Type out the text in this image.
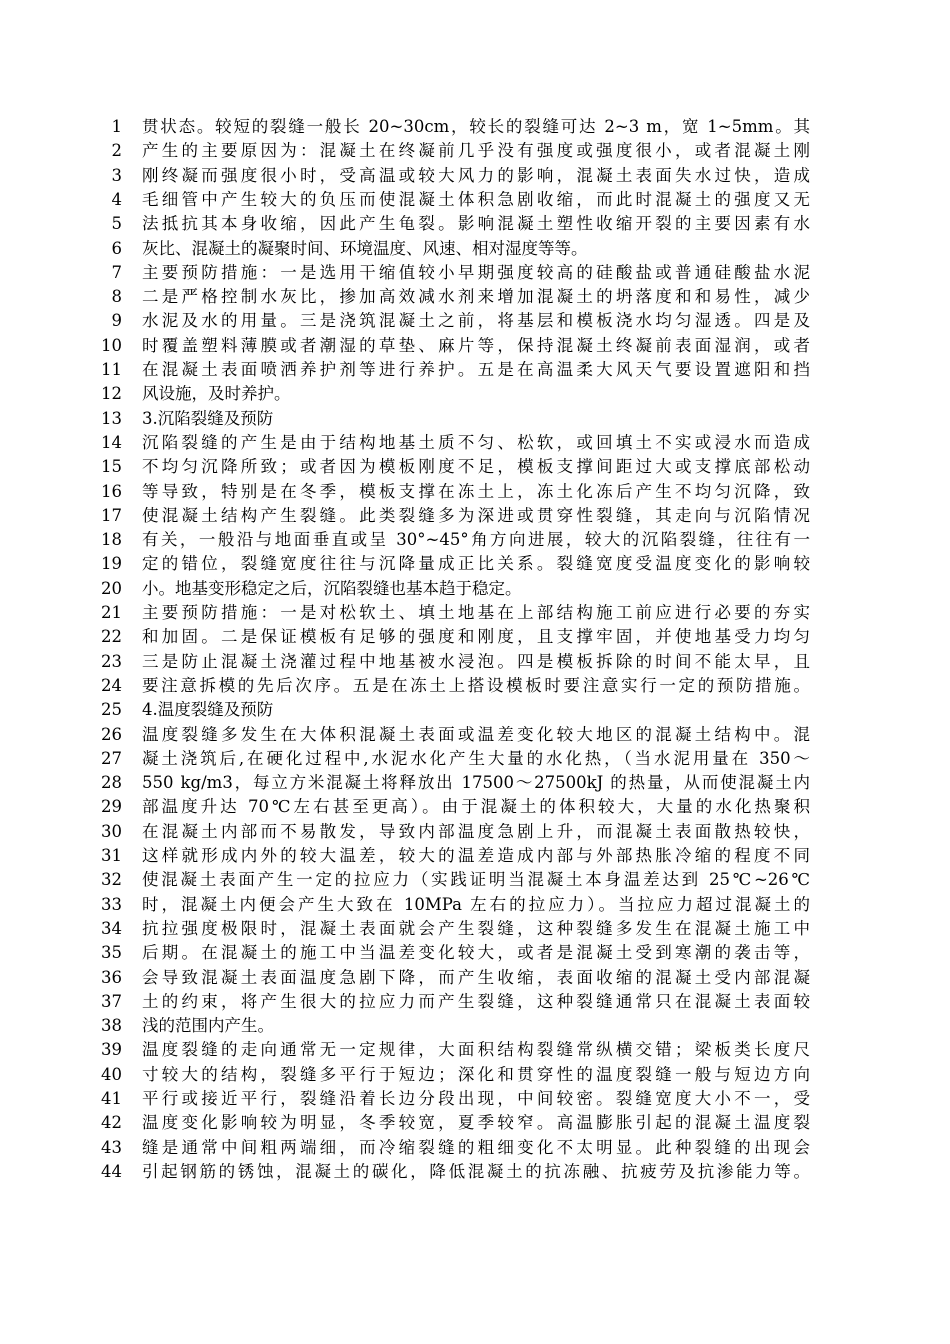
1 贯状态。较短的裂缝一般长 20~30cm，较长的裂缝可达 2~3 m，宽 1~5mm。其
2 产生的主要原因为：混凝土在终凝前几乎没有强度或强度很小，或者混凝土刚
3 刚终凝而强度很小时，受高温或较大风力的影响，混凝土表面失水过快，造成
4 毛细管中产生较大的负压而使混凝土体积急剧收缩，而此时混凝土的强度又无
5 法抵抗其本身收缩，因此产生龟裂。影响混凝土塑性收缩开裂的主要因素有水
6 灰比、混凝土的凝聚时间、环境温度、风速、相对湿度等等。
7 主要预防措施：一是选用干缩值较小早期强度较高的硅酸盐或普通硅酸盐水泥
8 二是严格控制水灰比，掺加高效减水剂来增加混凝土的坍落度和和易性，减少
9 水泥及水的用量。三是浇筑混凝土之前，将基层和模板浇水均匀湿透。四是及
10 时覆盖塑料薄膜或者潮湿的草垫、麻片等，保持混凝土终凝前表面湿润，或者
11 在混凝土表面喷洒养护剂等进行养护。五是在高温柔大风天气要设置遮阳和挡
12 风设施，及时养护。
13 3.沉陷裂缝及预防
14 沉陷裂缝的产生是由于结构地基土质不匀、松软，或回填土不实或浸水而造成
15 不均匀沉降所致；或者因为模板刚度不足，模板支撑间距过大或支撑底部松动
16 等导致，特别是在冬季，模板支撑在冻土上，冻土化冻后产生不均匀沉降，致
17 使混凝土结构产生裂缝。此类裂缝多为深进或贯穿性裂缝，其走向与沉陷情况
18 有关，一般沿与地面垂直或呈 30°~45°角方向进展，较大的沉陷裂缝，往往有一
19 定的错位，裂缝宽度往往与沉降量成正比关系。裂缝宽度受温度变化的影响较
20 小。地基变形稳定之后，沉陷裂缝也基本趋于稳定。
21 主要预防措施：一是对松软土、填土地基在上部结构施工前应进行必要的夯实
22 和加固。二是保证模板有足够的强度和刚度，且支撑牢固，并使地基受力均匀
23 三是防止混凝土浇灌过程中地基被水浸泡。四是模板拆除的时间不能太早，且
24 要注意拆模的先后次序。五是在冻土上搭设模板时要注意实行一定的预防措施。
25 4.温度裂缝及预防
26 温度裂缝多发生在大体积混凝土表面或温差变化较大地区的混凝土结构中。混
27 凝土浇筑后,在硬化过程中,水泥水化产生大量的水化热，（当水泥用量在 350～
28 550 kg/m3，每立方米混凝土将释放出 17500～27500kJ 的热量，从而使混凝土内
29 部温度升达 70℃左右甚至更高）。由于混凝土的体积较大，大量的水化热聚积
30 在混凝土内部而不易散发，导致内部温度急剧上升，而混凝土表面散热较快，
31 这样就形成内外的较大温差，较大的温差造成内部与外部热胀冷缩的程度不同
32 使混凝土表面产生一定的拉应力（实践证明当混凝土本身温差达到 25℃~26℃
33 时，混凝土内便会产生大致在 10MPa 左右的拉应力）。当拉应力超过混凝土的
34 抗拉强度极限时，混凝土表面就会产生裂缝，这种裂缝多发生在混凝土施工中
35 后期。在混凝土的施工中当温差变化较大，或者是混凝土受到寒潮的袭击等，
36 会导致混凝土表面温度急剧下降，而产生收缩，表面收缩的混凝土受内部混凝
37 土的约束，将产生很大的拉应力而产生裂缝，这种裂缝通常只在混凝土表面较
38 浅的范围内产生。
39 温度裂缝的走向通常无一定规律，大面积结构裂缝常纵横交错；梁板类长度尺
40 寸较大的结构，裂缝多平行于短边；深化和贯穿性的温度裂缝一般与短边方向
41 平行或接近平行，裂缝沿着长边分段出现，中间较密。裂缝宽度大小不一，受
42 温度变化影响较为明显，冬季较宽，夏季较窄。高温膨胀引起的混凝土温度裂
43 缝是通常中间粗两端细，而冷缩裂缝的粗细变化不太明显。此种裂缝的出现会
44 引起钢筋的锈蚀，混凝土的碳化，降低混凝土的抗冻融、抗疲劳及抗渗能力等。
